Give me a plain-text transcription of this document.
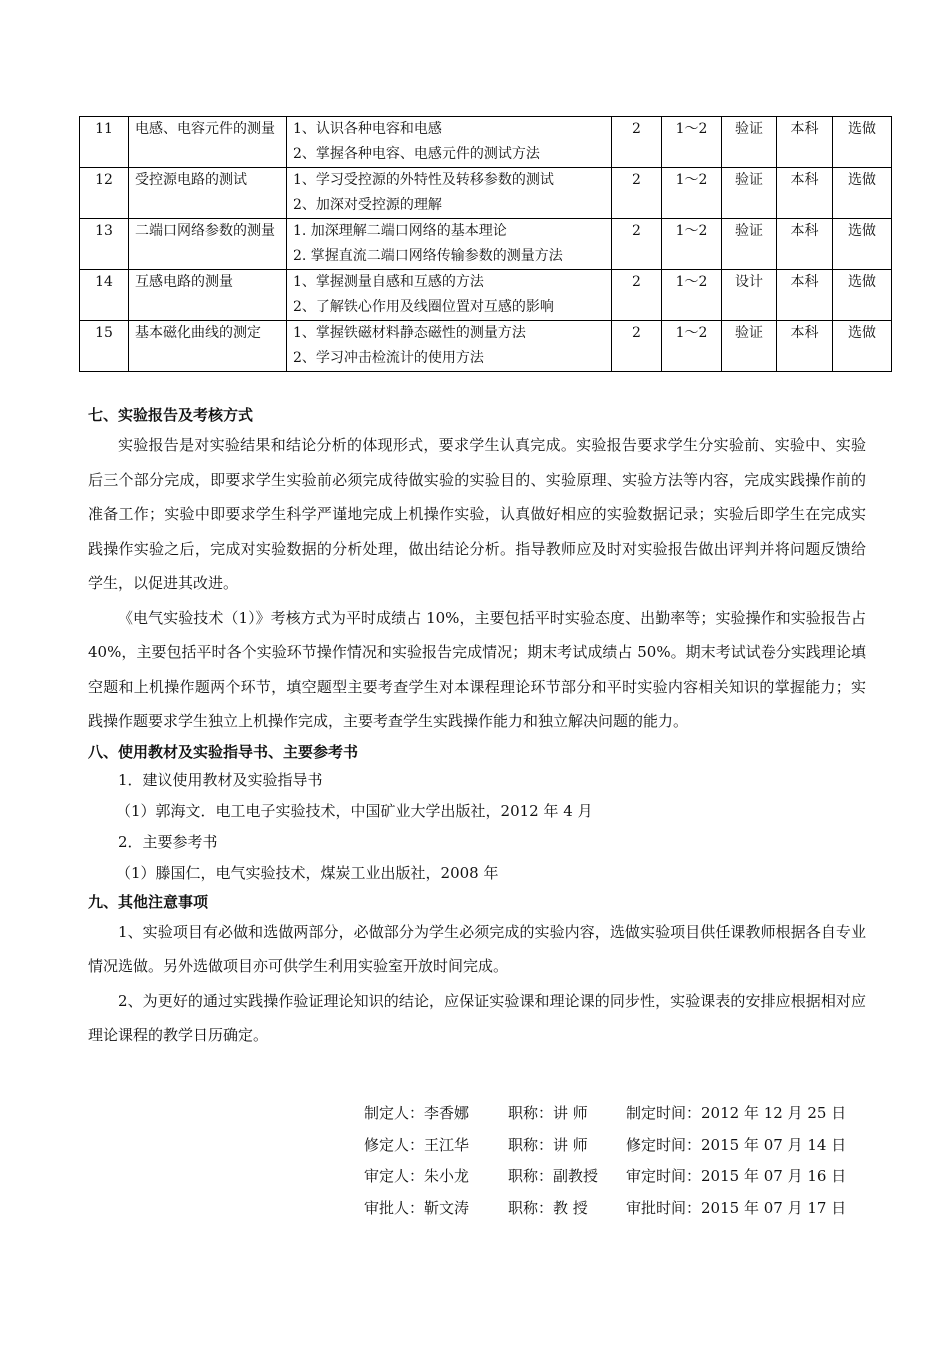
11	电感、电容元件的测量	1、认识各种电容和电感
2、掌握各种电容、电感元件的测试方法	2	1～2	验证	本科	选做
12	受控源电路的测试	1、学习受控源的外特性及转移参数的测试
2、加深对受控源的理解	2	1～2	验证	本科	选做
13	二端口网络参数的测量	1. 加深理解二端口网络的基本理论
2. 掌握直流二端口网络传输参数的测量方法	2	1～2	验证	本科	选做
14	互感电路的测量	1、掌握测量自感和互感的方法
2、了解铁心作用及线圈位置对互感的影响	2	1～2	设计	本科	选做
15	基本磁化曲线的测定	1、掌握铁磁材料静态磁性的测量方法
2、学习冲击检流计的使用方法	2	1～2	验证	本科	选做

七、实验报告及考核方式

实验报告是对实验结果和结论分析的体现形式，要求学生认真完成。实验报告要求学生分实验前、实验中、实验后三个部分完成，即要求学生实验前必须完成待做实验的实验目的、实验原理、实验方法等内容，完成实践操作前的准备工作；实验中即要求学生科学严谨地完成上机操作实验，认真做好相应的实验数据记录；实验后即学生在完成实践操作实验之后，完成对实验数据的分析处理，做出结论分析。指导教师应及时对实验报告做出评判并将问题反馈给学生，以促进其改进。

《电气实验技术（1）》考核方式为平时成绩占 10%，主要包括平时实验态度、出勤率等；实验操作和实验报告占 40%，主要包括平时各个实验环节操作情况和实验报告完成情况；期末考试成绩占 50%。期末考试试卷分实践理论填空题和上机操作题两个环节，填空题型主要考查学生对本课程理论环节部分和平时实验内容相关知识的掌握能力；实践操作题要求学生独立上机操作完成，主要考查学生实践操作能力和独立解决问题的能力。

八、使用教材及实验指导书、主要参考书

1．建议使用教材及实验指导书

（1）郭海文．电工电子实验技术，中国矿业大学出版社，2012 年 4 月

2．主要参考书

（1）滕国仁，电气实验技术，煤炭工业出版社，2008 年

九、其他注意事项

1、实验项目有必做和选做两部分，必做部分为学生必须完成的实验内容，选做实验项目供任课教师根据各自专业情况选做。另外选做项目亦可供学生利用实验室开放时间完成。

2、为更好的通过实践操作验证理论知识的结论，应保证实验课和理论课的同步性，实验课表的安排应根据相对应理论课程的教学日历确定。

制定人：李香娜	职称：讲 师	制定时间：2012 年 12 月 25 日
修定人：王江华	职称：讲 师	修定时间：2015 年 07 月 14 日
审定人：朱小龙	职称：副教授	审定时间：2015 年 07 月 16 日
审批人：靳文涛	职称：教 授	审批时间：2015 年 07 月 17 日
